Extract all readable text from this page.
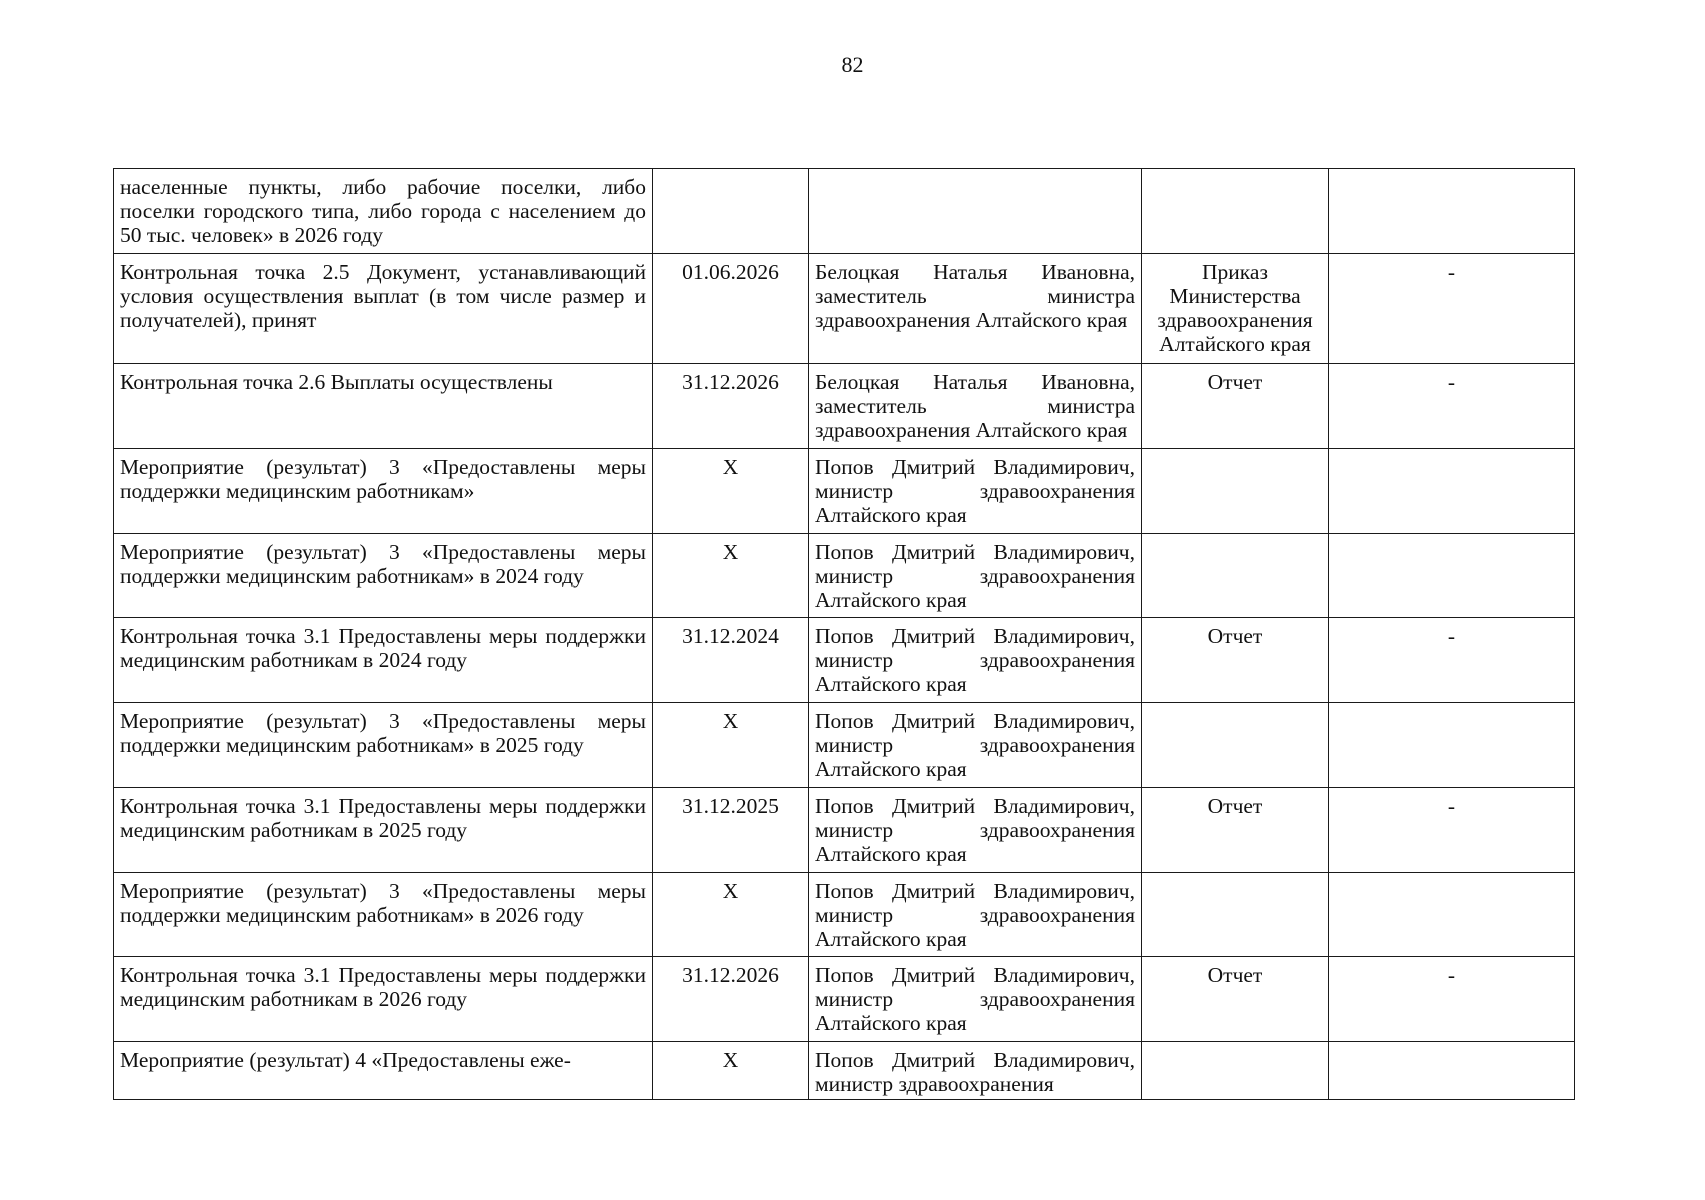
82
населенные пункты, либо рабочие поселки, либо поселки городского типа, либо города с населением до 50 тыс. человек» в 2026 году				
Контрольная точка 2.5 Документ, устанавливающий условия осуществления выплат (в том числе размер и получателей), принят	01.06.2026	Белоцкая Наталья Ивановна, заместитель министра здравоохранения Алтайского края	Приказ Министерства здравоохранения Алтайского края	-
Контрольная точка 2.6 Выплаты осуществлены	31.12.2026	Белоцкая Наталья Ивановна, заместитель министра здравоохранения Алтайского края	Отчет	-
Мероприятие (результат) 3 «Предоставлены меры поддержки медицинским работникам»	X	Попов Дмитрий Владимирович, министр здравоохранения Алтайского края		
Мероприятие (результат) 3 «Предоставлены меры поддержки медицинским работникам» в 2024 году	X	Попов Дмитрий Владимирович, министр здравоохранения Алтайского края		
Контрольная точка 3.1 Предоставлены меры поддержки медицинским работникам в 2024 году	31.12.2024	Попов Дмитрий Владимирович, министр здравоохранения Алтайского края	Отчет	-
Мероприятие (результат) 3 «Предоставлены меры поддержки медицинским работникам» в 2025 году	X	Попов Дмитрий Владимирович, министр здравоохранения Алтайского края		
Контрольная точка 3.1 Предоставлены меры поддержки медицинским работникам в 2025 году	31.12.2025	Попов Дмитрий Владимирович, министр здравоохранения Алтайского края	Отчет	-
Мероприятие (результат) 3 «Предоставлены меры поддержки медицинским работникам» в 2026 году	X	Попов Дмитрий Владимирович, министр здравоохранения Алтайского края		
Контрольная точка 3.1 Предоставлены меры поддержки медицинским работникам в 2026 году	31.12.2026	Попов Дмитрий Владимирович, министр здравоохранения Алтайского края	Отчет	-
Мероприятие (результат) 4 «Предоставлены еже-	X	Попов Дмитрий Владимирович, министр здравоохранения		
